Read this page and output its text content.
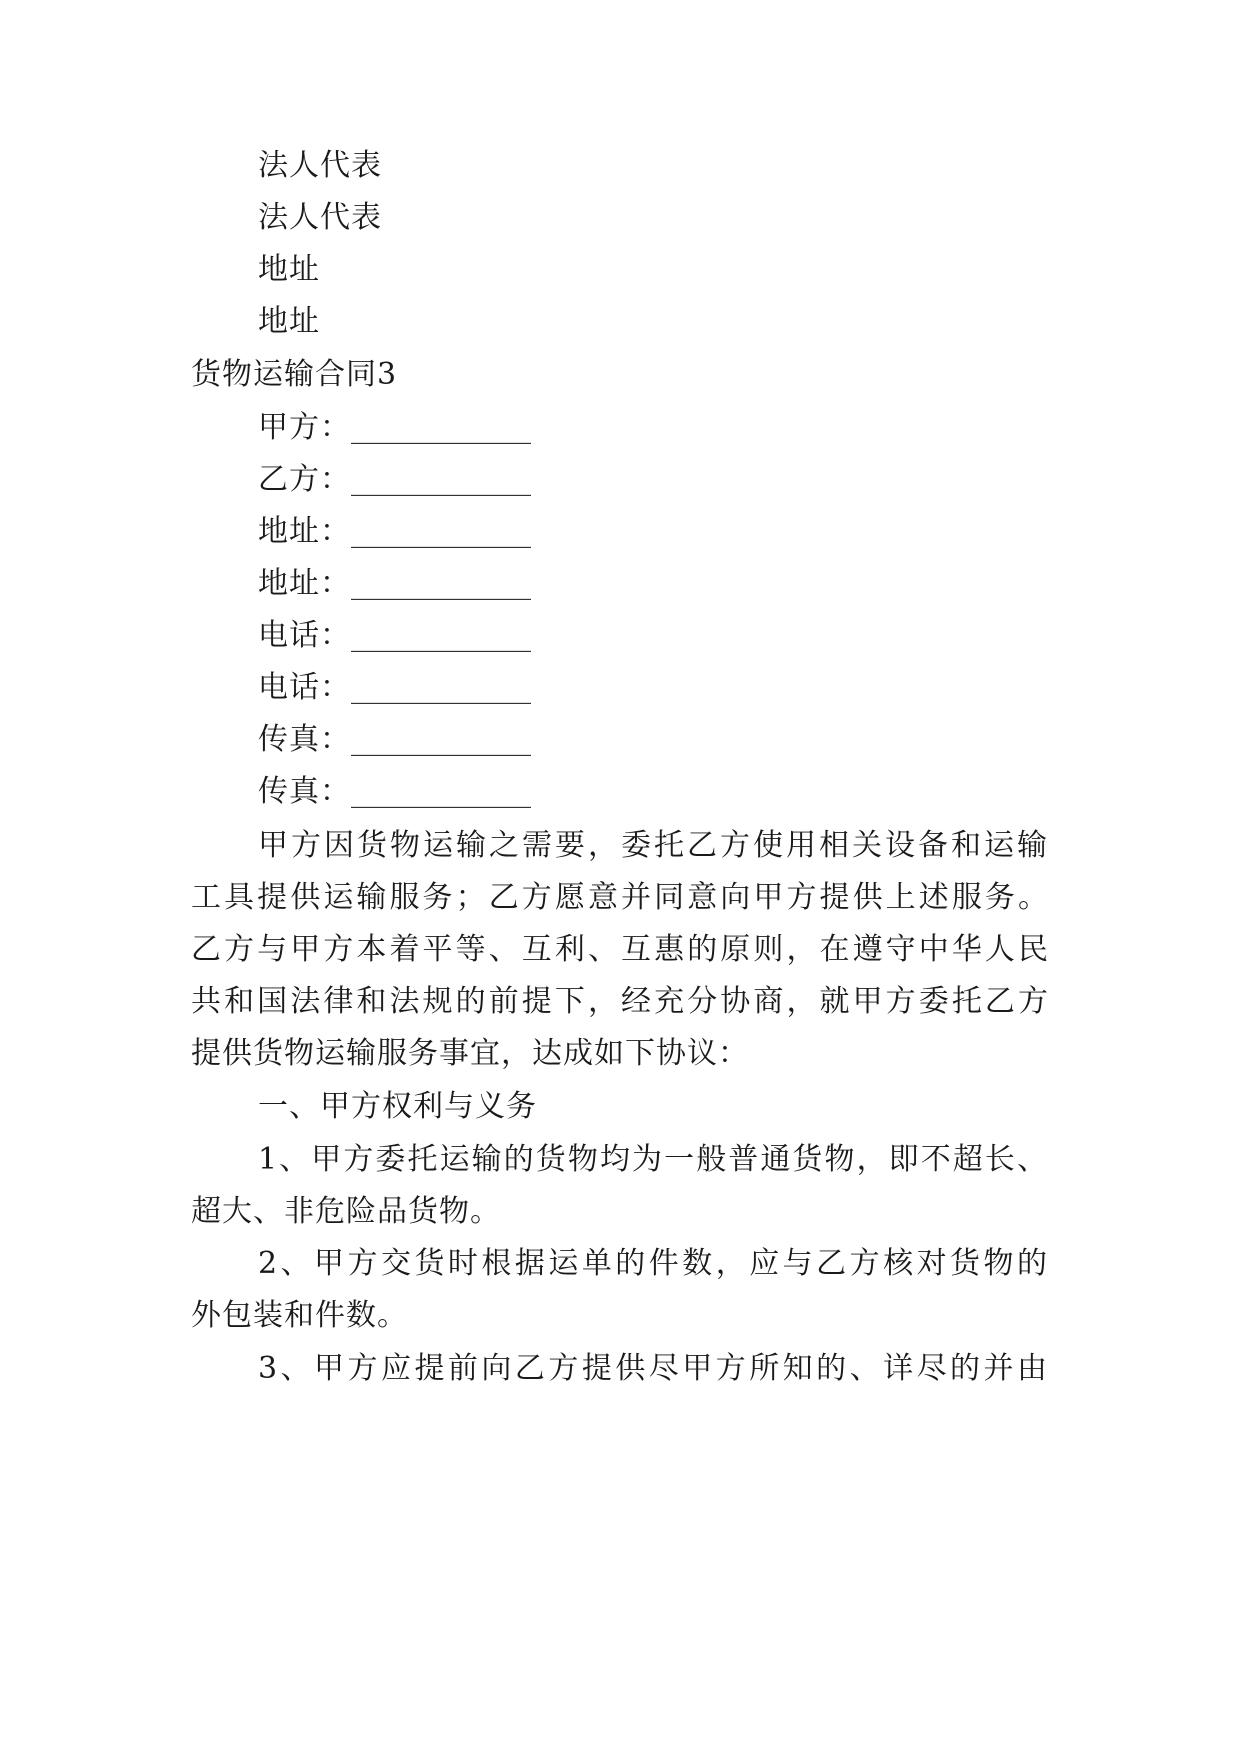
法人代表
法人代表
地址
地址
货物运输合同3
甲方：____________
乙方：____________
地址：____________
地址：____________
电话：____________
电话：____________
传真：____________
传真：____________
甲方因货物运输之需要，委托乙方使用相关设备和运输
工具提供运输服务；乙方愿意并同意向甲方提供上述服务。
乙方与甲方本着平等、互利、互惠的原则，在遵守中华人民
共和国法律和法规的前提下，经充分协商，就甲方委托乙方
提供货物运输服务事宜，达成如下协议：
一、甲方权利与义务
1、甲方委托运输的货物均为一般普通货物，即不超长、
超大、非危险品货物。
2、甲方交货时根据运单的件数，应与乙方核对货物的
外包装和件数。
3、甲方应提前向乙方提供尽甲方所知的、详尽的并由
